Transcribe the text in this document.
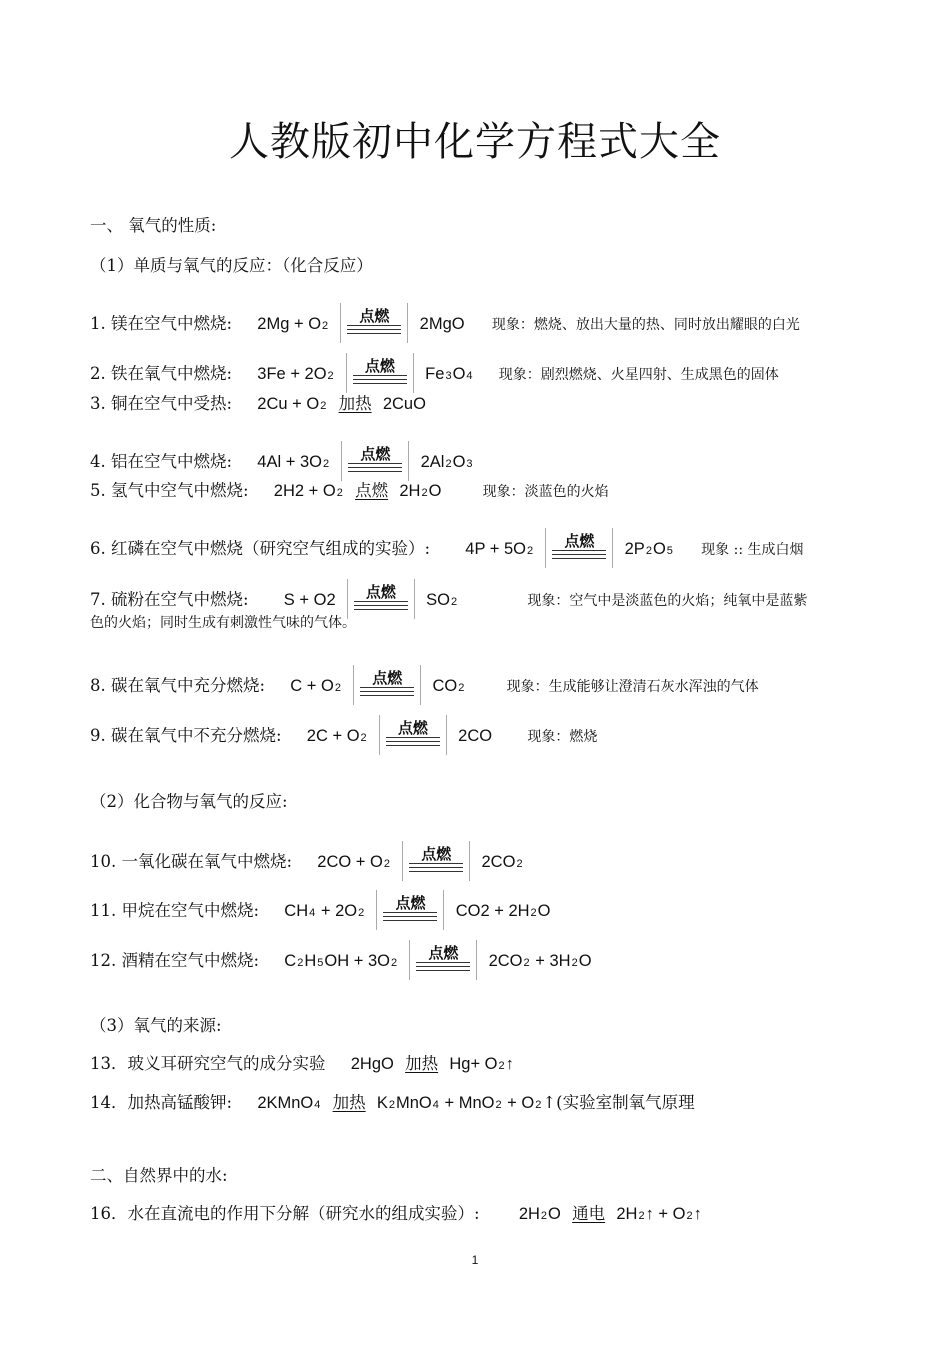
人教版初中化学方程式大全
一、 氧气的性质:
（1）单质与氧气的反应：（化合反应）
1. 镁在空气中燃烧: 2Mg + O2
点燃	2MgO 现象：燃烧、放出大量的热、同时放出耀眼的白光
2. 铁在氧气中燃烧: 3Fe + 2O2
点燃	Fe3O4 现象：剧烈燃烧、火星四射、生成黑色的固体
3. 铜在空气中受热: 2Cu + O2 加热 2CuO
4. 铝在空气中燃烧: 4Al + 3O2
点燃	2Al2O3
5. 氢气中空气中燃烧: 2H2 + O2 点燃 2H2O	现象：淡蓝色的火焰
6. 红磷在空气中燃烧（研究空气组成的实验）: 4P + 5O2
点燃	2P2O5 现象 :: 生成白烟
7. 硫粉在空气中燃烧: S + O2	点燃	SO2	现象：空气中是淡蓝色的火焰；纯氧中是蓝紫
色的火焰；同时生成有刺激性气味的气体。
8. 碳在氧气中充分燃烧: C + O2
点燃	CO2	现象：生成能够让澄清石灰水浑浊的气体
9. 碳在氧气中不充分燃烧: 2C + O2
点燃	2CO	现象：燃烧
（2）化合物与氧气的反应:
10. 一氧化碳在氧气中燃烧: 2CO + O2
点燃	2CO2
11. 甲烷在空气中燃烧: CH4 + 2O2
点燃	CO2 + 2H2O
12. 酒精在空气中燃烧: C2H5OH + 3O2
点燃	2CO2 + 3H2O
（3）氧气的来源:
13．玻义耳研究空气的成分实验 2HgO 加热 Hg+ O2↑
14．加热高锰酸钾: 2KMnO4 加热 K2MnO4 + MnO2 + O2↑(实验室制氧气原理
二、自然界中的水:
16．水在直流电的作用下分解（研究水的组成实验）: 2H2O 通电 2H2↑ + O2↑
1
